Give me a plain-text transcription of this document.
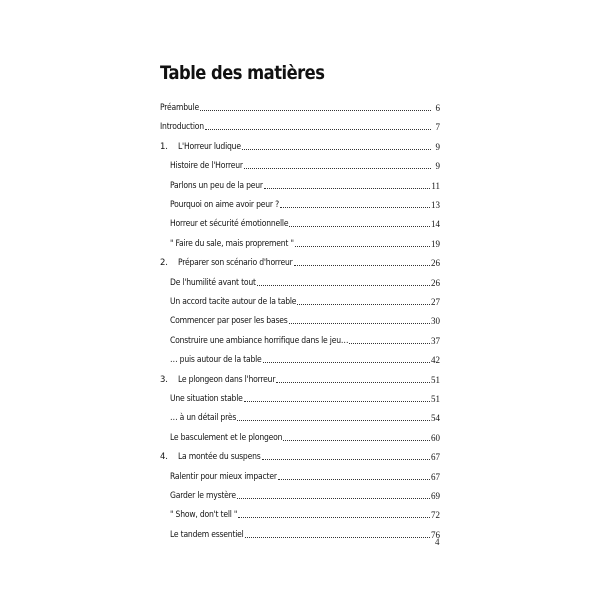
Table des matières
Préambule	6
Introduction	7
1. L'Horreur ludique	9
Histoire de l'Horreur	9
Parlons un peu de la peur	11
Pourquoi on aime avoir peur ?	13
Horreur et sécurité émotionnelle	14
" Faire du sale, mais proprement "	19
2. Préparer son scénario d'horreur	26
De l'humilité avant tout	26
Un accord tacite autour de la table	27
Commencer par poser les bases	30
Construire une ambiance horrifique dans le jeu…	37
… puis autour de la table	42
3. Le plongeon dans l'horreur	51
Une situation stable	51
… à un détail près	54
Le basculement et le plongeon	60
4. La montée du suspens	67
Ralentir pour mieux impacter	67
Garder le mystère	69
" Show, don't tell "	72
Le tandem essentiel	76
4
